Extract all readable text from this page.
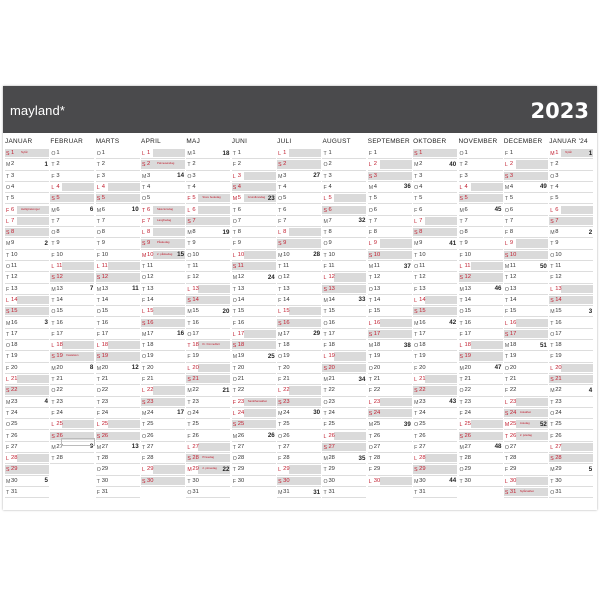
mayland*	2023
JANUAR
S 1 Nytår
M 2	1
T 3
O 4
T 5
F 6 Helligtrekonger
L 7
S 8
M 9	2
T 10
O 11
T 12
F 13
L 14
S 15
M 16	3
T 17
O 18
T 19
F 20
L 21
S 22
M 23	4
T 24
O 25
T 26
F 27
L 28
S 29
M 30	5
T 31
FEBRUAR
O 1
T 2
F 3
L 4
S 5
M 6	6
T 7
O 8
T 9
F 10
L 11
S 12
M 13	7
T 14
O 15
T 16
F 17
L 18
S 19 Fastelavn
M 20	8
T 21
O 22
T 23
F 24
L 25
S 26
M 27	9
T 28
MARTS
O 1
T 2
F 3
L 4
S 5
M 6	10
T 7
O 8
T 9
F 10
L 11
S 12
M 13	11
T 14
O 15
T 16
F 17
L 18
S 19
M 20	12
T 21
O 22
T 23
F 24
L 25
S 26
M 27	13
T 28
O 29
T 30
F 31
APRIL
L 1
S 2 Palmesøndag
M 3	14
T 4
O 5
T 6 Skærtorsdag
F 7 Langfredag
L 8
S 9 Påskedag
M 10 2. påskedag 15
T 11
O 12
T 13
F 14
L 15
S 16
M 17	16
T 18
O 19
T 20
F 21
L 22
S 23
M 24	17
T 25
O 26
T 27
F 28
L 29
S 30
MAJ
M 1	18
T 2
O 3
T 4
F 5 Store bededag
L 6
S 7
M 8	19
T 9
O 10
T 11
F 12
L 13
S 14
M 15	20
T 16
O 17
T 18 Kr. himmelfart
F 19
L 20
S 21
M 22	21
T 23
O 24
T 25
F 26
L 27
S 28 Pinsedag
M 29 2. pinsedag 22
T 30
O 31
JUNI
T 1
F 2
L 3
S 4
M 5 Grundlovsdag 23
T 6
O 7
T 8
F 9
L 10
S 11
M 12	24
T 13
O 14
T 15
F 16
L 17
S 18
M 19	25
T 20
O 21
T 22
F 23 Sankthansaften
L 24
S 25
M 26	26
T 27
O 28
T 29
F 30
JULI
L 1
S 2
M 3	27
T 4
O 5
T 6
F 7
L 8
S 9
M 10	28
T 11
O 12
T 13
F 14
L 15
S 16
M 17	29
T 18
O 19
T 20
F 21
L 22
S 23
M 24	30
T 25
O 26
T 27
F 28
L 29
S 30
M 31	31
AUGUST
T 1
O 2
T 3
F 4
L 5
S 6
M 7	32
T 8
O 9
T 10
F 11
L 12
S 13
M 14	33
T 15
O 16
T 17
F 18
L 19
S 20
M 21	34
T 22
O 23
T 24
F 25
L 26
S 27
M 28	35
T 29
O 30
T 31
SEPTEMBER
F 1
L 2
S 3
M 4	36
T 5
O 6
T 7
F 8
L 9
S 10
M 11	37
T 12
O 13
T 14
F 15
L 16
S 17
M 18	38
T 19
O 20
T 21
F 22
L 23
S 24
M 25	39
T 26
O 27
T 28
F 29
L 30
OKTOBER
S 1
M 2	40
T 3
O 4
T 5
F 6
L 7
S 8
M 9	41
T 10
O 11
T 12
F 13
L 14
S 15
M 16	42
T 17
O 18
T 19
F 20
L 21
S 22
M 23	43
T 24
O 25
T 26
F 27
L 28
S 29
M 30	44
T 31
NOVEMBER
O 1
T 2
F 3
L 4
S 5
M 6	45
T 7
O 8
T 9
F 10
L 11
S 12
M 13	46
T 14
O 15
T 16
F 17
L 18
S 19
M 20	47
T 21
O 22
T 23
F 24
L 25
S 26
M 27	48
T 28
O 29
T 30
DECEMBER
F 1
L 2
S 3
M 4	49
T 5
O 6
T 7
F 8
L 9
S 10
M 11	50
T 12
O 13
T 14
F 15
L 16
S 17
M 18	51
T 19
O 20
T 21
F 22
L 23
S 24 Juleaften
M 25 Juledag 52
T 26 2. juledag
O 27
T 28
F 29
L 30
S 31 Nytårsaften
JANUAR '24
M 1 Nytår	1
T 2
O 3
T 4
F 5
L 6
S 7
M 8	2
T 9
O 10
T 11
F 12
L 13
S 14
M 15	3
T 16
O 17
T 18
F 19
L 20
S 21
M 22	4
T 23
O 24
T 25
F 26
L 27
S 28
M 29	5
T 30
O 31
